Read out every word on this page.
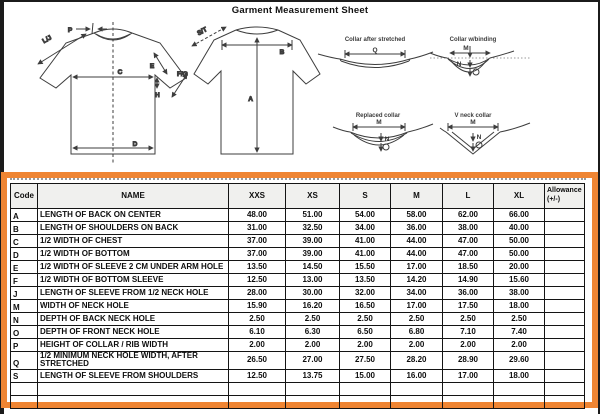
Garment Measurement Sheet
C
H
D
P
L/J
E
F/G
B
A
S/T
Collar after stretched
Q
Collar w/binding
M
N
Replaced collar
M
N
V neck collar
M
N
Code	NAME	XXS	XS	S	M	L	XL	Allowance
(+/-)

A	LENGTH OF BACK ON CENTER	48.00	51.00	54.00	58.00	62.00	66.00	
B	LENGTH OF SHOULDERS ON BACK	31.00	32.50	34.00	36.00	38.00	40.00	
C	1/2 WIDTH OF CHEST	37.00	39.00	41.00	44.00	47.00	50.00	
D	1/2 WIDTH OF BOTTOM	37.00	39.00	41.00	44.00	47.00	50.00	
E	1/2 WIDTH OF SLEEVE 2 CM UNDER ARM HOLE	13.50	14.50	15.50	17.00	18.50	20.00	
F	1/2 WIDTH OF BOTTOM SLEEVE	12.50	13.00	13.50	14.20	14.90	15.60	
J	LENGTH OF SLEEVE FROM 1/2 NECK HOLE	28.00	30.00	32.00	34.00	36.00	38.00	
M	WIDTH OF NECK HOLE	15.90	16.20	16.50	17.00	17.50	18.00	
N	DEPTH OF BACK NECK HOLE	2.50	2.50	2.50	2.50	2.50	2.50	
O	DEPTH OF FRONT NECK HOLE	6.10	6.30	6.50	6.80	7.10	7.40	
P	HEIGHT OF COLLAR / RIB WIDTH	2.00	2.00	2.00	2.00	2.00	2.00	
Q	1/2 MINIMUM NECK HOLE WIDTH, AFTER STRETCHED	26.50	27.00	27.50	28.20	28.90	29.60	
S	LENGTH OF SLEEVE FROM SHOULDERS	12.50	13.75	15.00	16.00	17.00	18.00	
